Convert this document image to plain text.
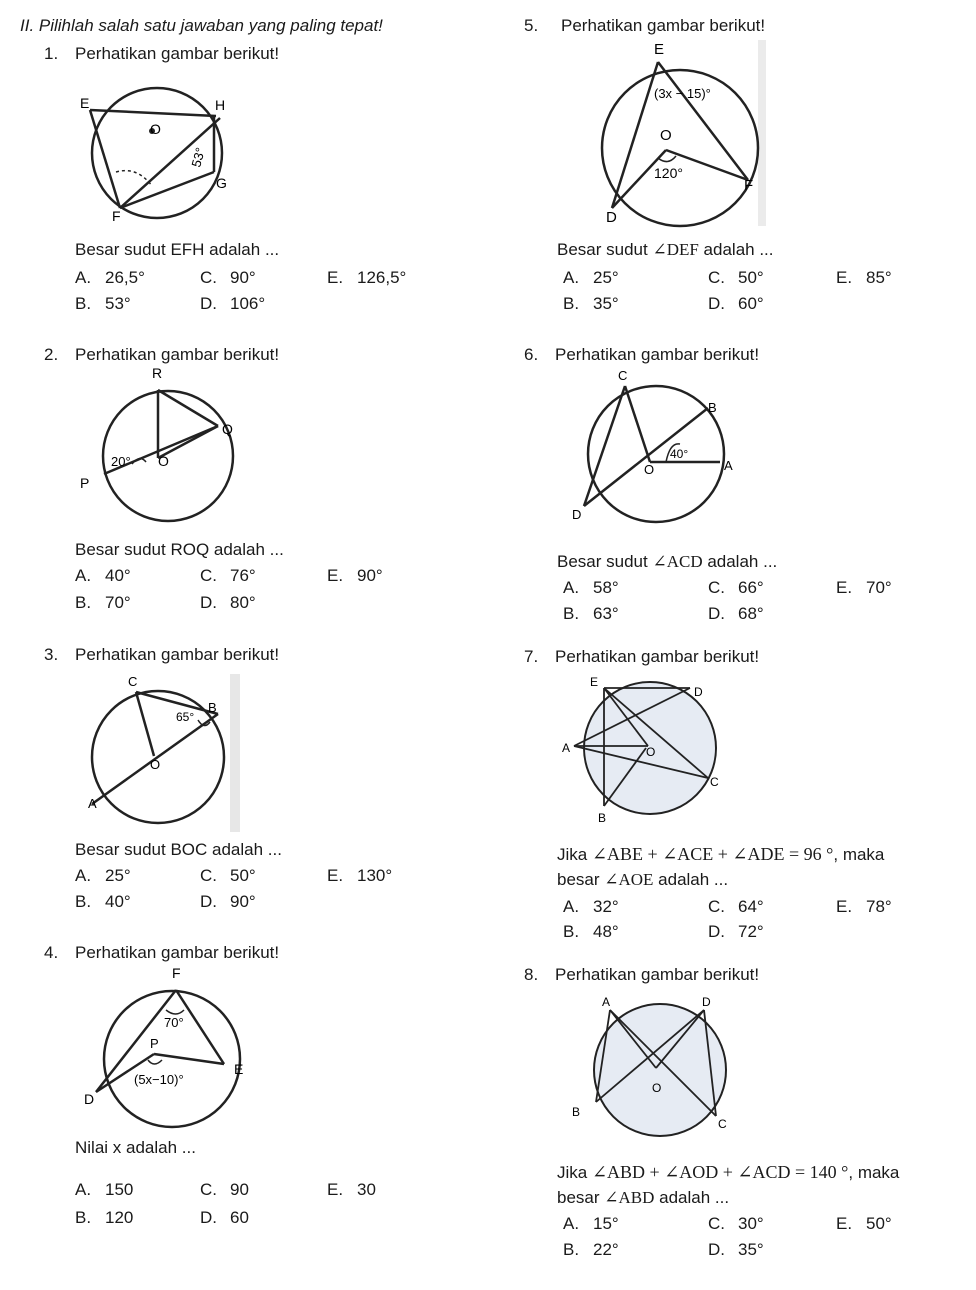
II. Pilihlah salah satu jawaban yang paling tepat!
1. Perhatikan gambar berikut!
E	H
O
G
F
53°
Besar sudut EFH adalah ...
A. 26,5°
B. 53°
C. 90°
D. 106°
E. 126,5°
2. Perhatikan gambar berikut!
R
Q
O
P
20°
Besar sudut ROQ adalah ...
A. 40°
B. 70°
C. 76°
D. 80°
E. 90°
3. Perhatikan gambar berikut!
C
B
O
A
65°
Besar sudut BOC adalah ...
A. 25°
B. 40°
C. 50°
D. 90°
E. 130°
4. Perhatikan gambar berikut!
F
P
E
D
70°
(5x−10)°
Nilai x adalah ...
A. 150
B. 120
C. 90
D. 60
E. 30
5. Perhatikan gambar berikut!
E
O
F
D
(3x − 15)°
120°
Besar sudut ∠DEF adalah ...
A. 25°
B. 35°
C. 50°
D. 60°
E. 85°
6. Perhatikan gambar berikut!
C
B
O	A
D
40°
Besar sudut ∠ACD adalah ...
A. 58°
B. 63°
C. 66°
D. 68°
E. 70°
7. Perhatikan gambar berikut!
E
D
A	O
C
B
Jika ∠ABE + ∠ACE + ∠ADE = 96 °, maka
besar ∠AOE adalah ...
A. 32°
B. 48°
C. 64°
D. 72°
E. 78°
8. Perhatikan gambar berikut!
A	D
O
B
C
Jika ∠ABD + ∠AOD + ∠ACD = 140 °, maka
besar ∠ABD adalah ...
A. 15°
B. 22°
C. 30°
D. 35°
E. 50°
